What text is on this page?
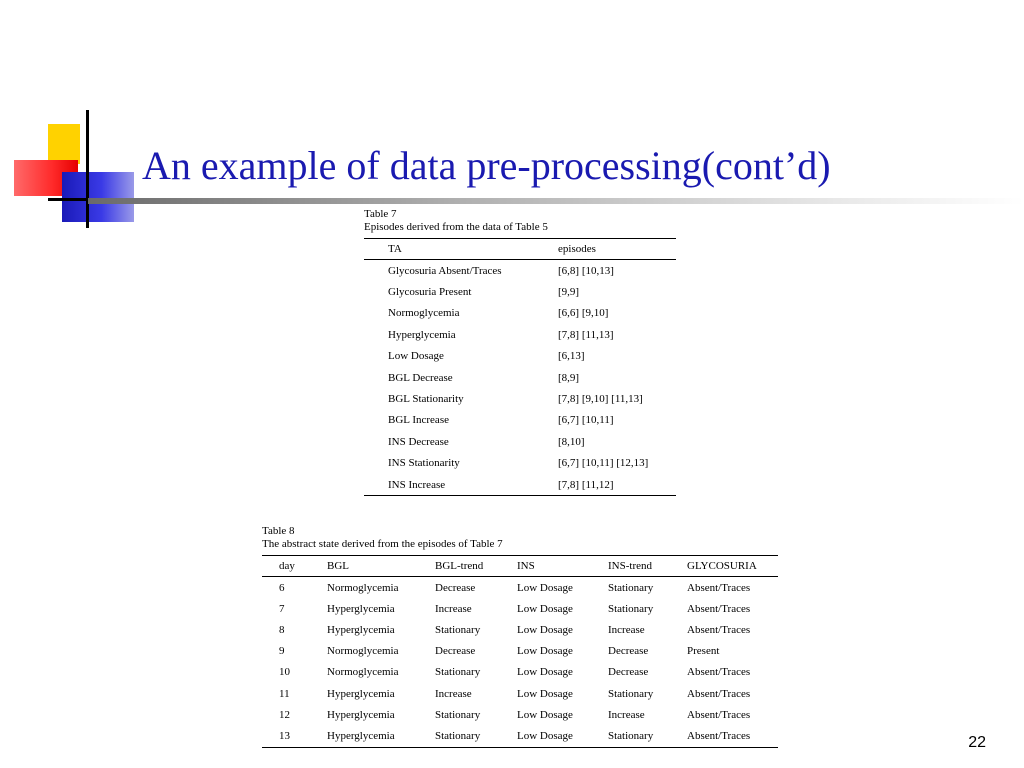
An example of data pre-processing(cont’d)
Table 7
Episodes derived from the data of Table 5
TA	episodes
Glycosuria Absent/Traces	[6,8] [10,13]
Glycosuria Present	[9,9]
Normoglycemia	[6,6] [9,10]
Hyperglycemia	[7,8] [11,13]
Low Dosage	[6,13]
BGL Decrease	[8,9]
BGL Stationarity	[7,8] [9,10] [11,13]
BGL Increase	[6,7] [10,11]
INS Decrease	[8,10]
INS Stationarity	[6,7] [10,11] [12,13]
INS Increase	[7,8] [11,12]
Table 8
The abstract state derived from the episodes of Table 7
day	BGL	BGL-trend	INS	INS-trend	GLYCOSURIA
6	Normoglycemia	Decrease	Low Dosage	Stationary	Absent/Traces
7	Hyperglycemia	Increase	Low Dosage	Stationary	Absent/Traces
8	Hyperglycemia	Stationary	Low Dosage	Increase	Absent/Traces
9	Normoglycemia	Decrease	Low Dosage	Decrease	Present
10	Normoglycemia	Stationary	Low Dosage	Decrease	Absent/Traces
11	Hyperglycemia	Increase	Low Dosage	Stationary	Absent/Traces
12	Hyperglycemia	Stationary	Low Dosage	Increase	Absent/Traces
13	Hyperglycemia	Stationary	Low Dosage	Stationary	Absent/Traces	22
